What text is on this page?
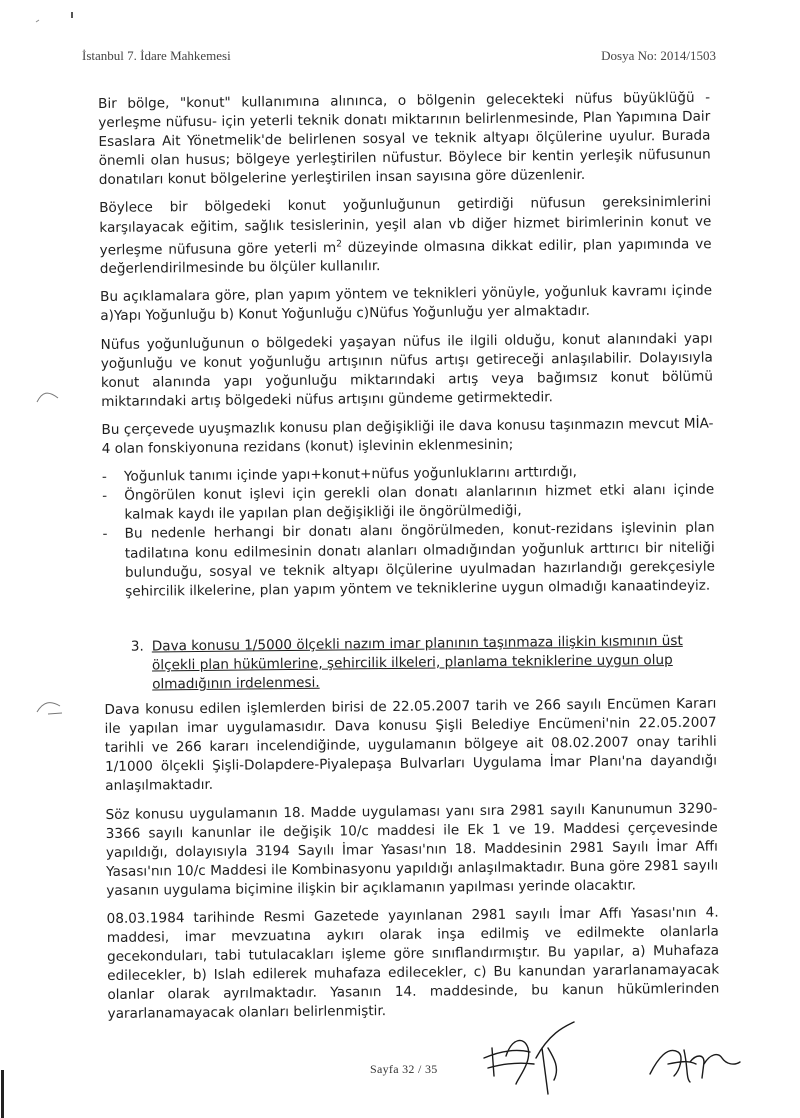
İstanbul 7. İdare Mahkemesi	Dosya No: 2014/1503

Bir bölge, "konut" kullanımına alınınca, o bölgenin gelecekteki nüfus büyüklüğü - yerleşme nüfusu- için yeterli teknik donatı miktarının belirlenmesinde, Plan Yapımına Dair Esaslara Ait Yönetmelik'de belirlenen sosyal ve teknik altyapı ölçülerine uyulur. Burada önemli olan husus; bölgeye yerleştirilen nüfustur. Böylece bir kentin yerleşik nüfusunun donatıları konut bölgelerine yerleştirilen insan sayısına göre düzenlenir.

Böylece bir bölgedeki konut yoğunluğunun getirdiği nüfusun gereksinimlerini karşılayacak eğitim, sağlık tesislerinin, yeşil alan vb diğer hizmet birimlerinin konut ve yerleşme nüfusuna göre yeterli $m^2$ düzeyinde olmasına dikkat edilir, plan yapımında ve değerlendirilmesinde bu ölçüler kullanılır.

Bu açıklamalara göre, plan yapım yöntem ve teknikleri yönüyle, yoğunluk kavramı içinde a)Yapı Yoğunluğu b) Konut Yoğunluğu c)Nüfus Yoğunluğu yer almaktadır.

Nüfus yoğunluğunun o bölgedeki yaşayan nüfus ile ilgili olduğu, konut alanındaki yapı yoğunluğu ve konut yoğunluğu artışının nüfus artışı getireceği anlaşılabilir. Dolayısıyla konut alanında yapı yoğunluğu miktarındaki artış veya bağımsız konut bölümü miktarındaki artış bölgedeki nüfus artışını gündeme getirmektedir.

Bu çerçevede uyuşmazlık konusu plan değişikliği ile dava konusu taşınmazın mevcut MİA-4 olan fonskiyonuna rezidans (konut) işlevinin eklenmesinin;

- Yoğunluk tanımı içinde yapı+konut+nüfus yoğunluklarını arttırdığı,
- Öngörülen konut işlevi için gerekli olan donatı alanlarının hizmet etki alanı içinde kalmak kaydı ile yapılan plan değişikliği ile öngörülmediği,
- Bu nedenle herhangi bir donatı alanı öngörülmeden, konut-rezidans işlevinin plan tadilatına konu edilmesinin donatı alanları olmadığından yoğunluk arttırıcı bir niteliği bulunduğu, sosyal ve teknik altyapı ölçülerine uyulmadan hazırlandığı gerekçesiyle şehircilik ilkelerine, plan yapım yöntem ve tekniklerine uygun olmadığı kanaatindeyiz.
3. Dava konusu 1/5000 ölçekli nazım imar planının taşınmaza ilişkin kısmının üst ölçekli plan hükümlerine, şehircilik ilkeleri, planlama tekniklerine uygun olup olmadığının irdelenmesi.

Dava konusu edilen işlemlerden birisi de 22.05.2007 tarih ve 266 sayılı Encümen Kararı ile yapılan imar uygulamasıdır. Dava konusu Şişli Belediye Encümeni'nin 22.05.2007 tarihli ve 266 kararı incelendiğinde, uygulamanın bölgeye ait 08.02.2007 onay tarihli 1/1000 ölçekli Şişli-Dolapdere-Piyalepaşa Bulvarları Uygulama İmar Planı'na dayandığı anlaşılmaktadır.

Söz konusu uygulamanın 18. Madde uygulaması yanı sıra 2981 sayılı Kanunumun 3290-3366 sayılı kanunlar ile değişik 10/c maddesi ile Ek 1 ve 19. Maddesi çerçevesinde yapıldığı, dolayısıyla 3194 Sayılı İmar Yasası'nın 18. Maddesinin 2981 Sayılı İmar Affı Yasası'nın 10/c Maddesi ile Kombinasyonu yapıldığı anlaşılmaktadır. Buna göre 2981 sayılı yasanın uygulama biçimine ilişkin bir açıklamanın yapılması yerinde olacaktır.

08.03.1984 tarihinde Resmi Gazetede yayınlanan 2981 sayılı İmar Affı Yasası'nın 4. maddesi, imar mevzuatına aykırı olarak inşa edilmiş ve edilmekte olanlarla gecekonduları, tabi tutulacakları işleme göre sınıflandırmıştır. Bu yapılar, a) Muhafaza edilecekler, b) Islah edilerek muhafaza edilecekler, c) Bu kanundan yararlanamayacak olanlar olarak ayrılmaktadır. Yasanın 14. maddesinde, bu kanun hükümlerinden yararlanamayacak olanları belirlenmiştir.

Sayfa 32 / 35
